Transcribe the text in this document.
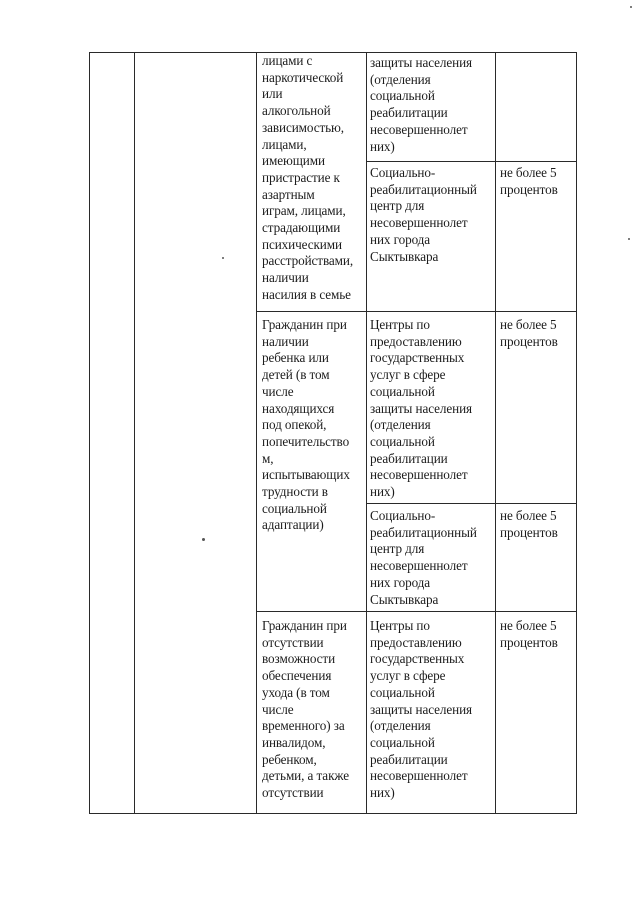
лицами с
наркотической
или
алкогольной
зависимостью,
лицами,
имеющими
пристрастие к
азартным
играм, лицами,
страдающими
психическими
расстройствами,
наличии
насилия в семье
защиты населения
(отделения
социальной
реабилитации
несовершеннолет
них)
Социально-
реабилитационный
центр для
несовершеннолет
них города
Сыктывкара
не более 5
процентов
Гражданин при
наличии
ребенка или
детей (в том
числе
находящихся
под опекой,
попечительство
м,
испытывающих
трудности в
социальной
адаптации)
Центры по
предоставлению
государственных
услуг в сфере
социальной
защиты населения
(отделения
социальной
реабилитации
несовершеннолет
них)
не более 5
процентов
Социально-
реабилитационный
центр для
несовершеннолет
них города
Сыктывкара
не более 5
процентов
Гражданин при
отсутствии
возможности
обеспечения
ухода (в том
числе
временного) за
инвалидом,
ребенком,
детьми, а также
отсутствии
Центры по
предоставлению
государственных
услуг в сфере
социальной
защиты населения
(отделения
социальной
реабилитации
несовершеннолет
них)
не более 5
процентов
